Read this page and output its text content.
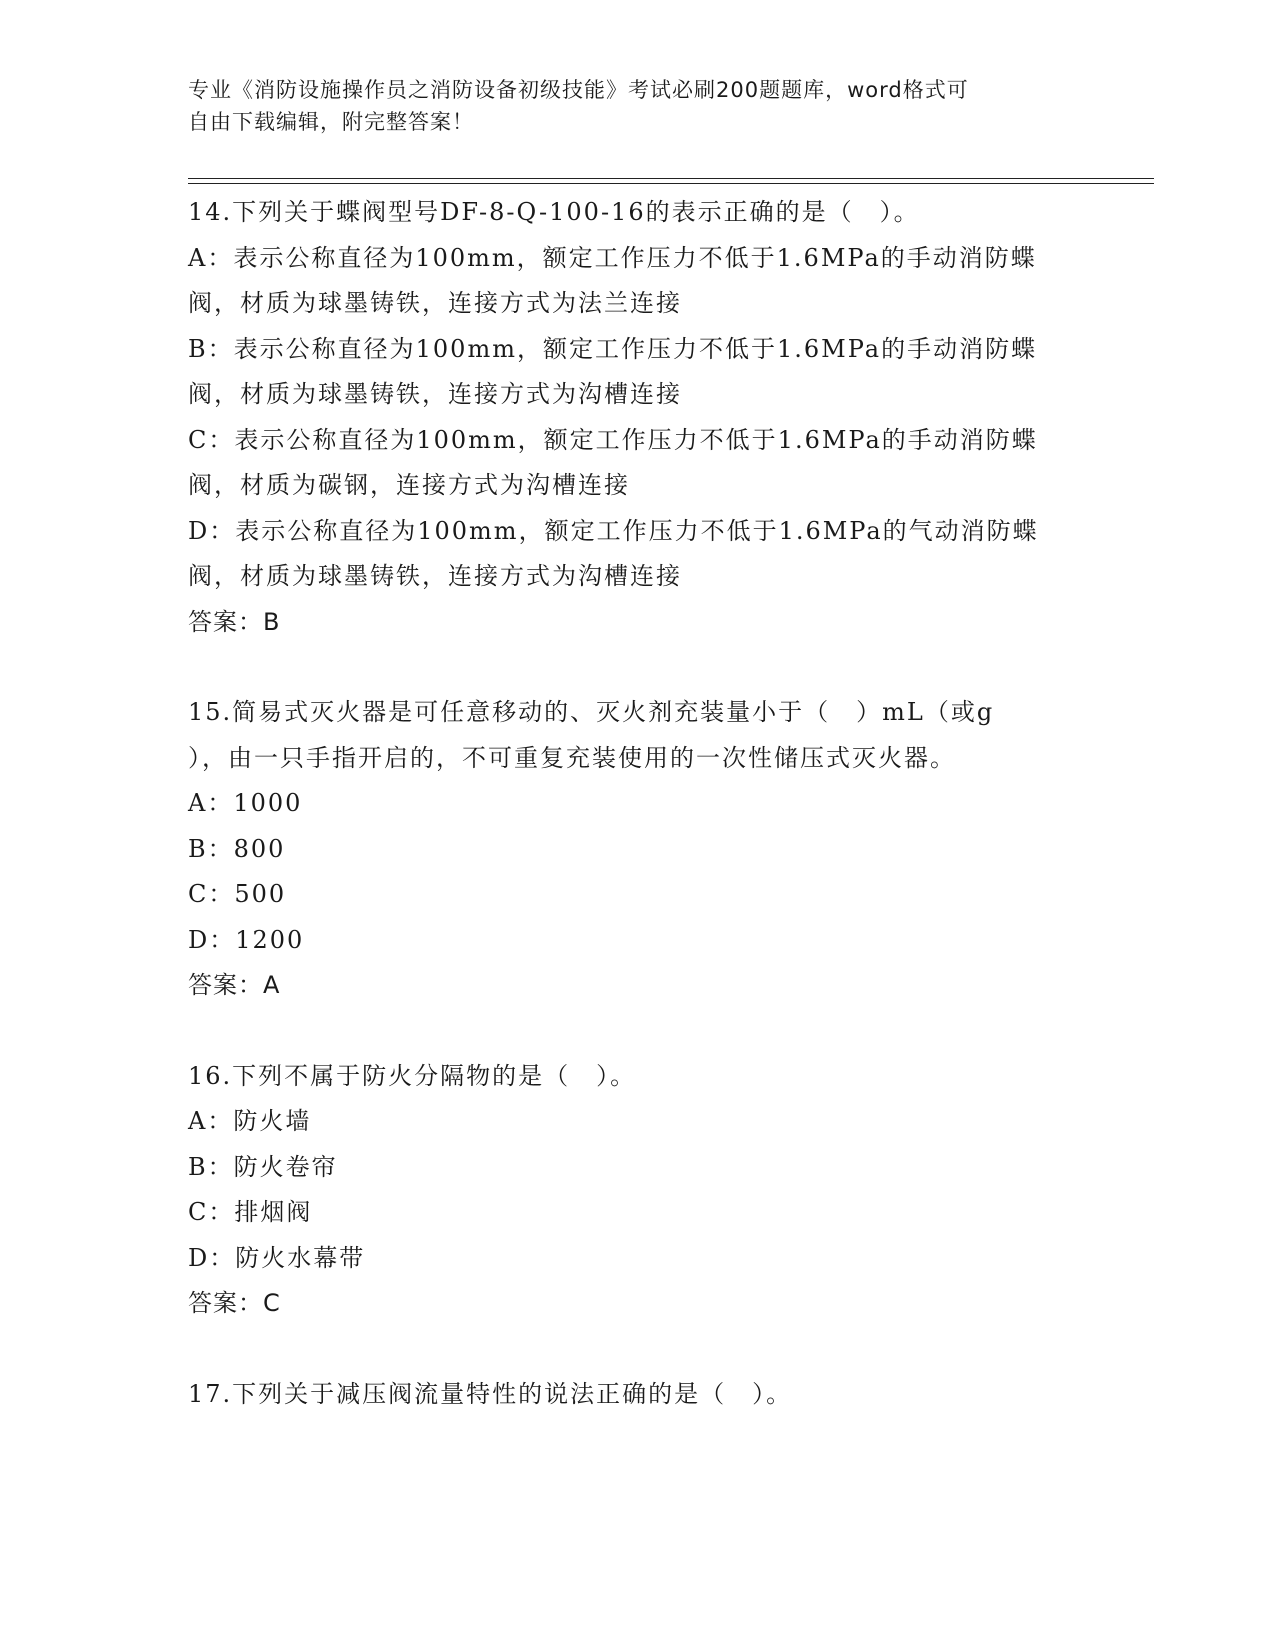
专业《消防设施操作员之消防设备初级技能》考试必刷200题题库，word格式可
自由下载编辑，附完整答案！
14.下列关于蝶阀型号DF-8-Q-100-16的表示正确的是（　）。
A：表示公称直径为100mm，额定工作压力不低于1.6MPa的手动消防蝶
阀，材质为球墨铸铁，连接方式为法兰连接
B：表示公称直径为100mm，额定工作压力不低于1.6MPa的手动消防蝶
阀，材质为球墨铸铁，连接方式为沟槽连接
C：表示公称直径为100mm，额定工作压力不低于1.6MPa的手动消防蝶
阀，材质为碳钢，连接方式为沟槽连接
D：表示公称直径为100mm，额定工作压力不低于1.6MPa的气动消防蝶
阀，材质为球墨铸铁，连接方式为沟槽连接
答案：B
15.简易式灭火器是可任意移动的、灭火剂充装量小于（　）mL（或g
），由一只手指开启的，不可重复充装使用的一次性储压式灭火器。
A：1000
B：800
C：500
D：1200
答案：A
16.下列不属于防火分隔物的是（　）。
A：防火墙
B：防火卷帘
C：排烟阀
D：防火水幕带
答案：C
17.下列关于减压阀流量特性的说法正确的是（　）。
